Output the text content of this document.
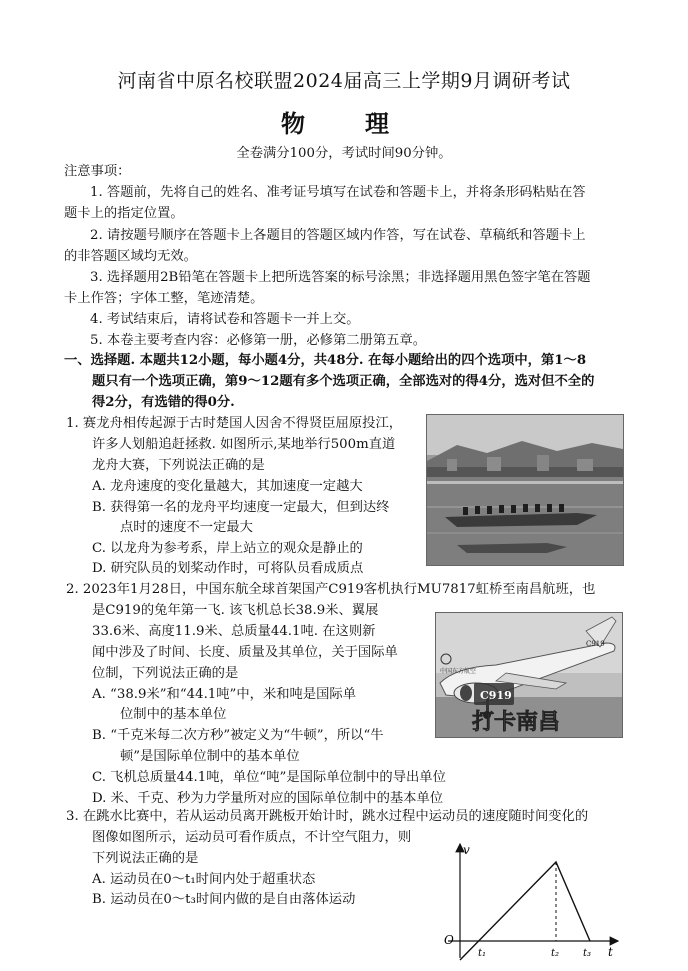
河南省中原名校联盟2024届高三上学期9月调研考试
物　理
全卷满分100分，考试时间90分钟。
注意事项：
1. 答题前，先将自己的姓名、准考证号填写在试卷和答题卡上，并将条形码粘贴在答
题卡上的指定位置。
2. 请按题号顺序在答题卡上各题目的答题区域内作答，写在试卷、草稿纸和答题卡上
的非答题区域均无效。
3. 选择题用2B铅笔在答题卡上把所选答案的标号涂黑；非选择题用黑色签字笔在答题
卡上作答；字体工整，笔迹清楚。
4. 考试结束后，请将试卷和答题卡一并上交。
5. 本卷主要考查内容：必修第一册，必修第二册第五章。
一、选择题. 本题共12小题，每小题4分，共48分. 在每小题给出的四个选项中，第1～8
题只有一个选项正确，第9～12题有多个选项正确，全部选对的得4分，选对但不全的
得2分，有选错的得0分.
1. 赛龙舟相传起源于古时楚国人因舍不得贤臣屈原投江，
许多人划船追赶拯救. 如图所示,某地举行500m直道
龙舟大赛，下列说法正确的是
A. 龙舟速度的变化量越大，其加速度一定越大
B. 获得第一名的龙舟平均速度一定最大，但到达终
点时的速度不一定最大
C. 以龙舟为参考系，岸上站立的观众是静止的
D. 研究队员的划桨动作时，可将队员看成质点
2. 2023年1月28日，中国东航全球首架国产C919客机执行MU7817虹桥至南昌航班，也
是C919的兔年第一飞. 该飞机总长38.9米、翼展
33.6米、高度11.9米、总质量44.1吨. 在这则新
闻中涉及了时间、长度、质量及其单位，关于国际单
位制，下列说法正确的是
A. “38.9米”和“44.1吨”中，米和吨是国际单
位制中的基本单位
B. “千克米每二次方秒”被定义为“牛顿”，所以“牛
顿”是国际单位制中的基本单位
C. 飞机总质量44.1吨，单位“吨”是国际单位制中的导出单位
D. 米、千克、秒为力学量所对应的国际单位制中的基本单位
C919
中国东方航空
C919
打卡南昌
3. 在跳水比赛中，若从运动员离开跳板开始计时，跳水过程中运动员的速度随时间变化的
图像如图所示，运动员可看作质点，不计空气阻力，则
下列说法正确的是
A. 运动员在0～t₁时间内处于超重状态
B. 运动员在0～t₃时间内做的是自由落体运动
v
t
O
t₁	t₂ t₃
